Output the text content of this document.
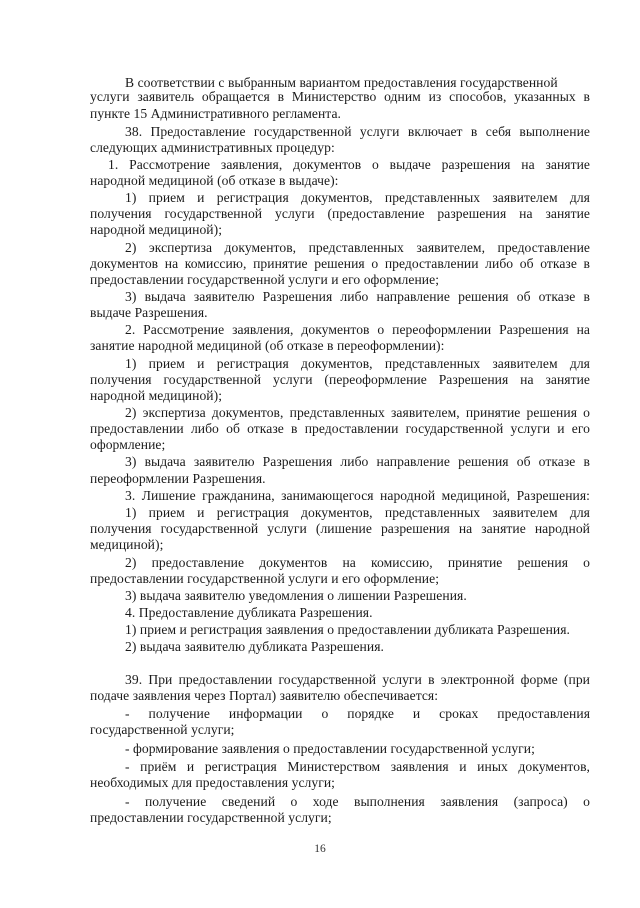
В соответствии с выбранным вариантом предоставления государственной
услуги заявитель обращается в Министерство одним из способов, указанных в
пункте 15 Административного регламента.
38. Предоставление государственной услуги включает в себя выполнение
следующих административных процедур:
1. Рассмотрение заявления, документов о выдаче разрешения на занятие
народной медициной (об отказе в выдаче):
1) прием и регистрация документов, представленных заявителем для
получения государственной услуги (предоставление разрешения на занятие
народной медициной);
2) экспертиза документов, представленных заявителем, предоставление
документов на комиссию, принятие решения о предоставлении либо об отказе в
предоставлении государственной услуги и его оформление;
3) выдача заявителю Разрешения либо направление решения об отказе в
выдаче Разрешения.
2. Рассмотрение заявления, документов о переоформлении Разрешения на
занятие народной медициной (об отказе в переоформлении):
1) прием и регистрация документов, представленных заявителем для
получения государственной услуги (переоформление Разрешения на занятие
народной медициной);
2) экспертиза документов, представленных заявителем, принятие решения о
предоставлении либо об отказе в предоставлении государственной услуги и его
оформление;
3) выдача заявителю Разрешения либо направление решения об отказе в
переоформлении Разрешения.
3. Лишение гражданина, занимающегося народной медициной, Разрешения:
1) прием и регистрация документов, представленных заявителем для
получения государственной услуги (лишение разрешения на занятие народной
медициной);
2) предоставление документов на комиссию, принятие решения о
предоставлении государственной услуги и его оформление;
3) выдача заявителю уведомления о лишении Разрешения.
4. Предоставление дубликата Разрешения.
1) прием и регистрация заявления о предоставлении дубликата Разрешения.
2) выдача заявителю дубликата Разрешения.
39. При предоставлении государственной услуги в электронной форме (при
подаче заявления через Портал) заявителю обеспечивается:
- получение информации о порядке и сроках предоставления
государственной услуги;
- формирование заявления о предоставлении государственной услуги;
- приём и регистрация Министерством заявления и иных документов,
необходимых для предоставления услуги;
- получение сведений о ходе выполнения заявления (запроса) о
предоставлении государственной услуги;
16
